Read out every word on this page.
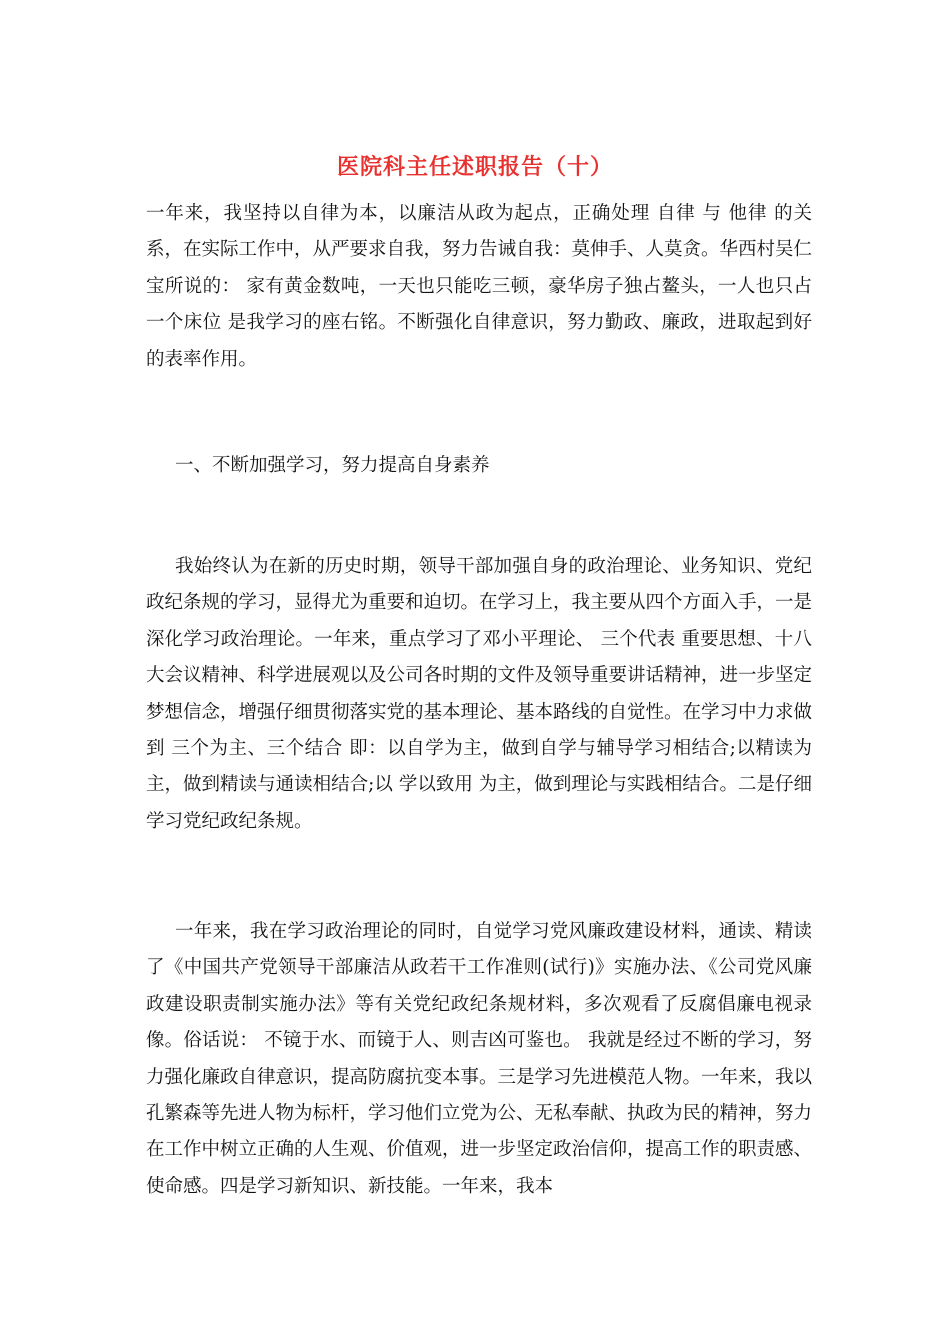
医院科主任述职报告（十）

一年来，我坚持以自律为本，以廉洁从政为起点，正确处理 自律 与 他律 的关系，在实际工作中，从严要求自我，努力告诫自我：莫伸手、人莫贪。华西村吴仁宝所说的： 家有黄金数吨，一天也只能吃三顿，豪华房子独占鳌头，一人也只占一个床位 是我学习的座右铭。不断强化自律意识，努力勤政、廉政，进取起到好的表率作用。

一、不断加强学习，努力提高自身素养

我始终认为在新的历史时期，领导干部加强自身的政治理论、业务知识、党纪政纪条规的学习，显得尤为重要和迫切。在学习上，我主要从四个方面入手，一是深化学习政治理论。一年来，重点学习了邓小平理论、 三个代表 重要思想、十八大会议精神、科学进展观以及公司各时期的文件及领导重要讲话精神，进一步坚定梦想信念，增强仔细贯彻落实党的基本理论、基本路线的自觉性。在学习中力求做到 三个为主、三个结合 即：以自学为主，做到自学与辅导学习相结合;以精读为主，做到精读与通读相结合;以 学以致用 为主，做到理论与实践相结合。二是仔细学习党纪政纪条规。

一年来，我在学习政治理论的同时，自觉学习党风廉政建设材料，通读、精读了《中国共产党领导干部廉洁从政若干工作准则(试行)》实施办法、《公司党风廉政建设职责制实施办法》等有关党纪政纪条规材料，多次观看了反腐倡廉电视录像。俗话说： 不镜于水、而镜于人、则吉凶可鉴也。 我就是经过不断的学习，努力强化廉政自律意识，提高防腐抗变本事。三是学习先进模范人物。一年来，我以孔繁森等先进人物为标杆，学习他们立党为公、无私奉献、执政为民的精神，努力在工作中树立正确的人生观、价值观，进一步坚定政治信仰，提高工作的职责感、使命感。四是学习新知识、新技能。一年来，我本
